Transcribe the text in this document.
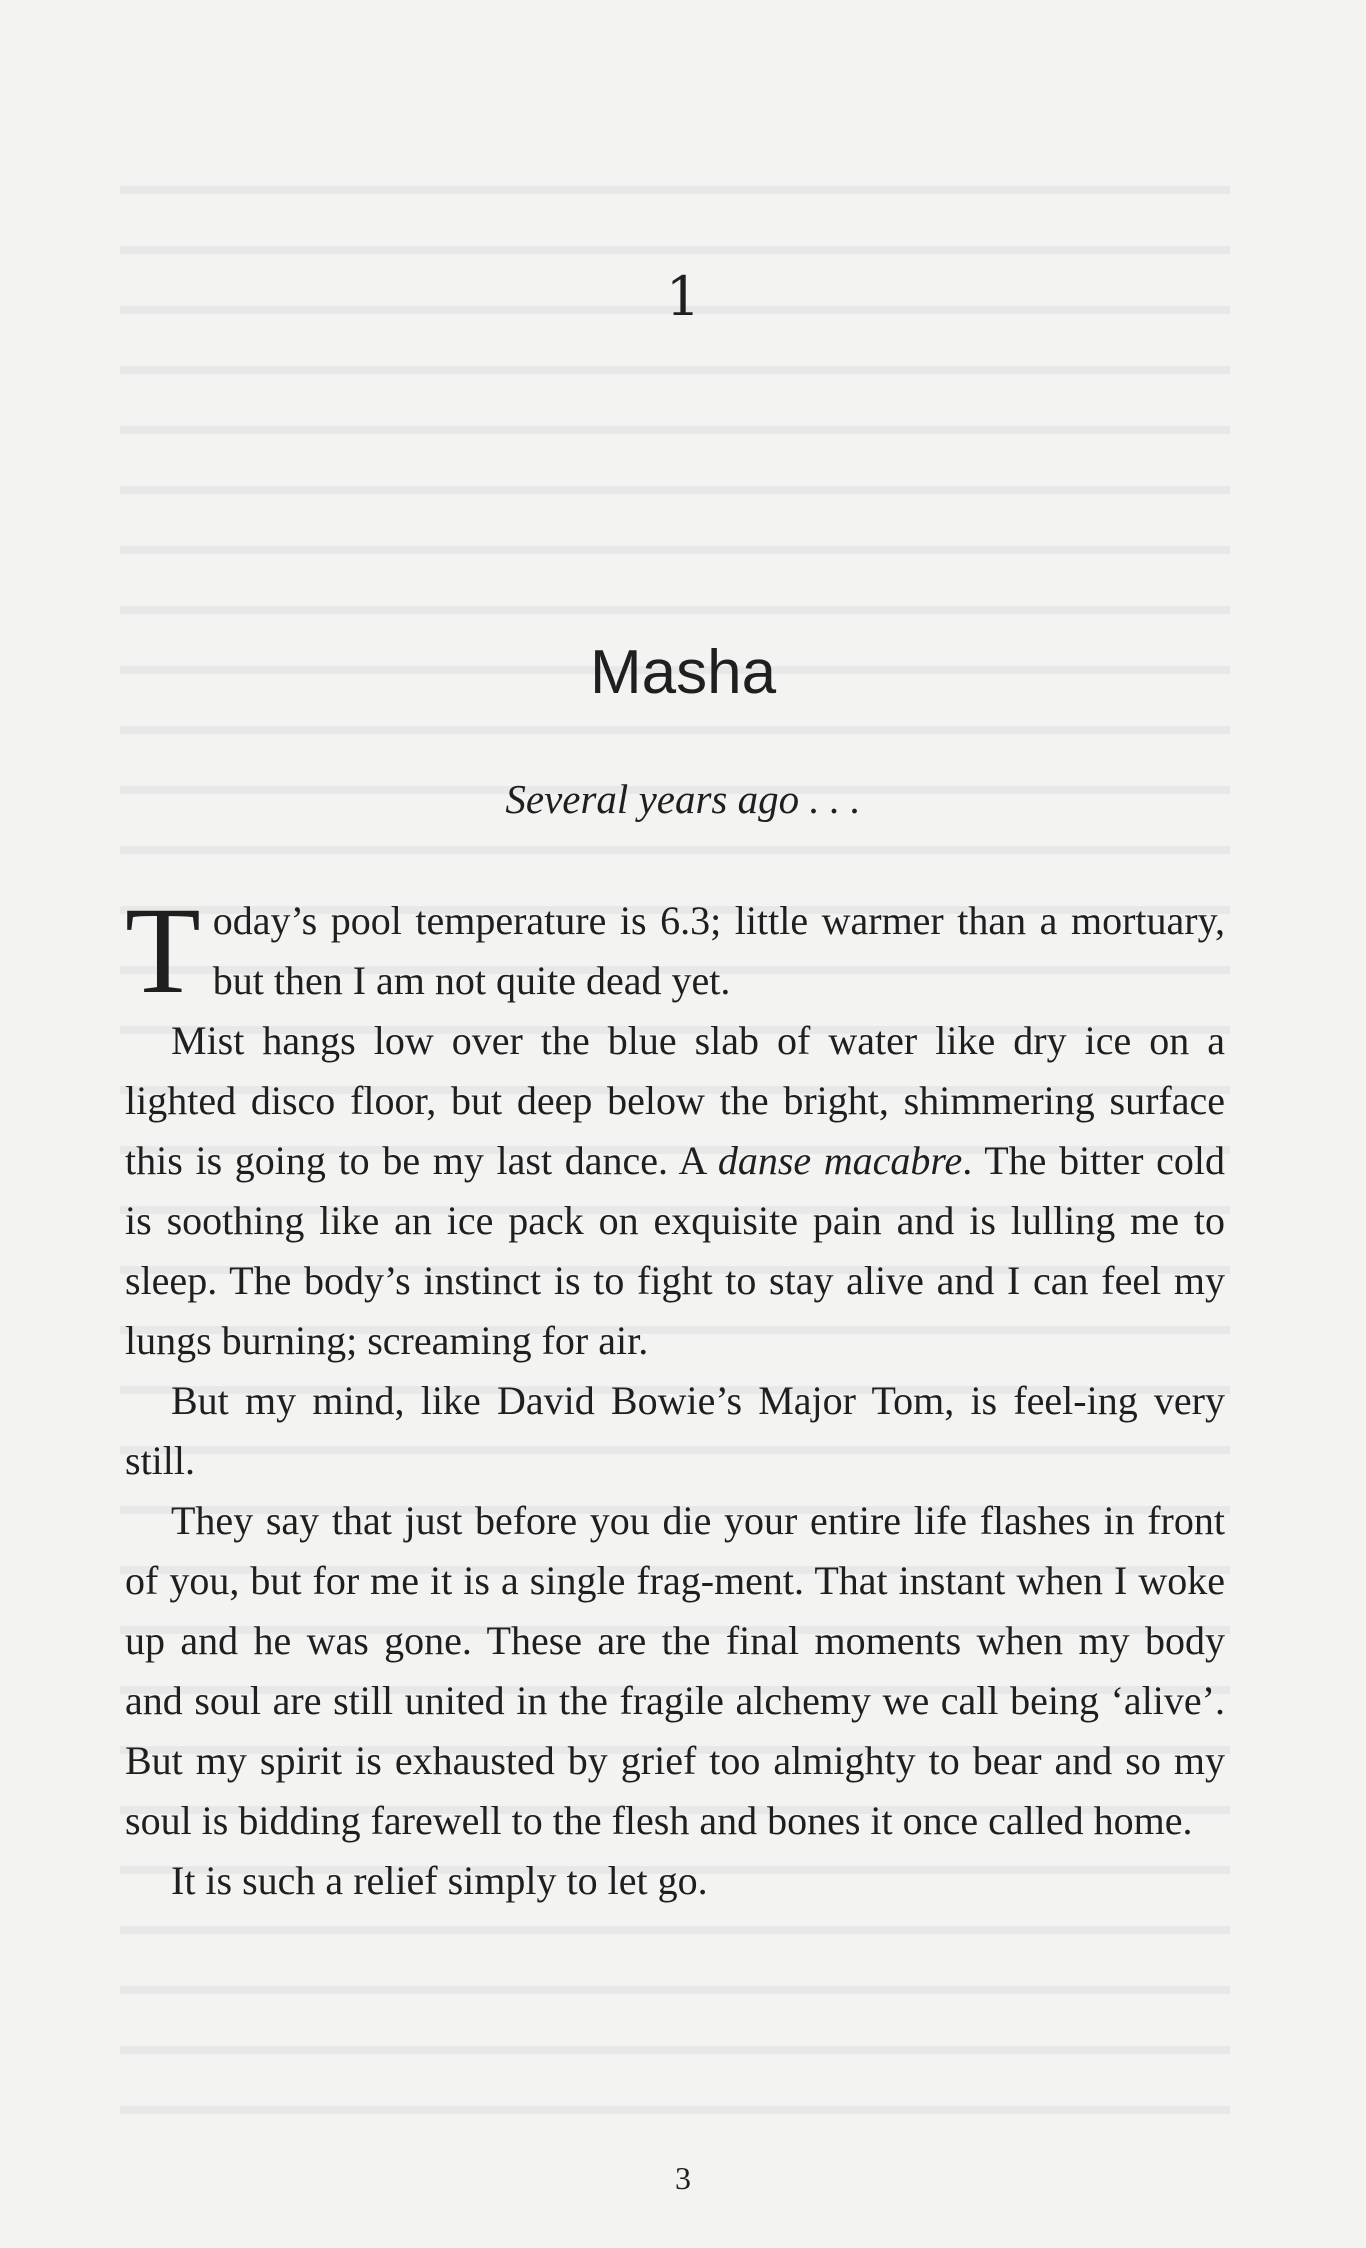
1
Masha
Several years ago . . .

Today’s pool temperature is 6.3; little warmer than a mortuary, but then I am not quite dead yet.

Mist hangs low over the blue slab of water like dry ice on a lighted disco floor, but deep below the bright, shimmering surface this is going to be my last dance. A danse macabre. The bitter cold is soothing like an ice pack on exquisite pain and is lulling me to sleep. The body’s instinct is to fight to stay alive and I can feel my lungs burning; screaming for air.

But my mind, like David Bowie’s Major Tom, is feel-ing very still.

They say that just before you die your entire life flashes in front of you, but for me it is a single frag-ment. That instant when I woke up and he was gone. These are the final moments when my body and soul are still united in the fragile alchemy we call being ‘alive’. But my spirit is exhausted by grief too almighty to bear and so my soul is bidding farewell to the flesh and bones it once called home.

It is such a relief simply to let go.

3
